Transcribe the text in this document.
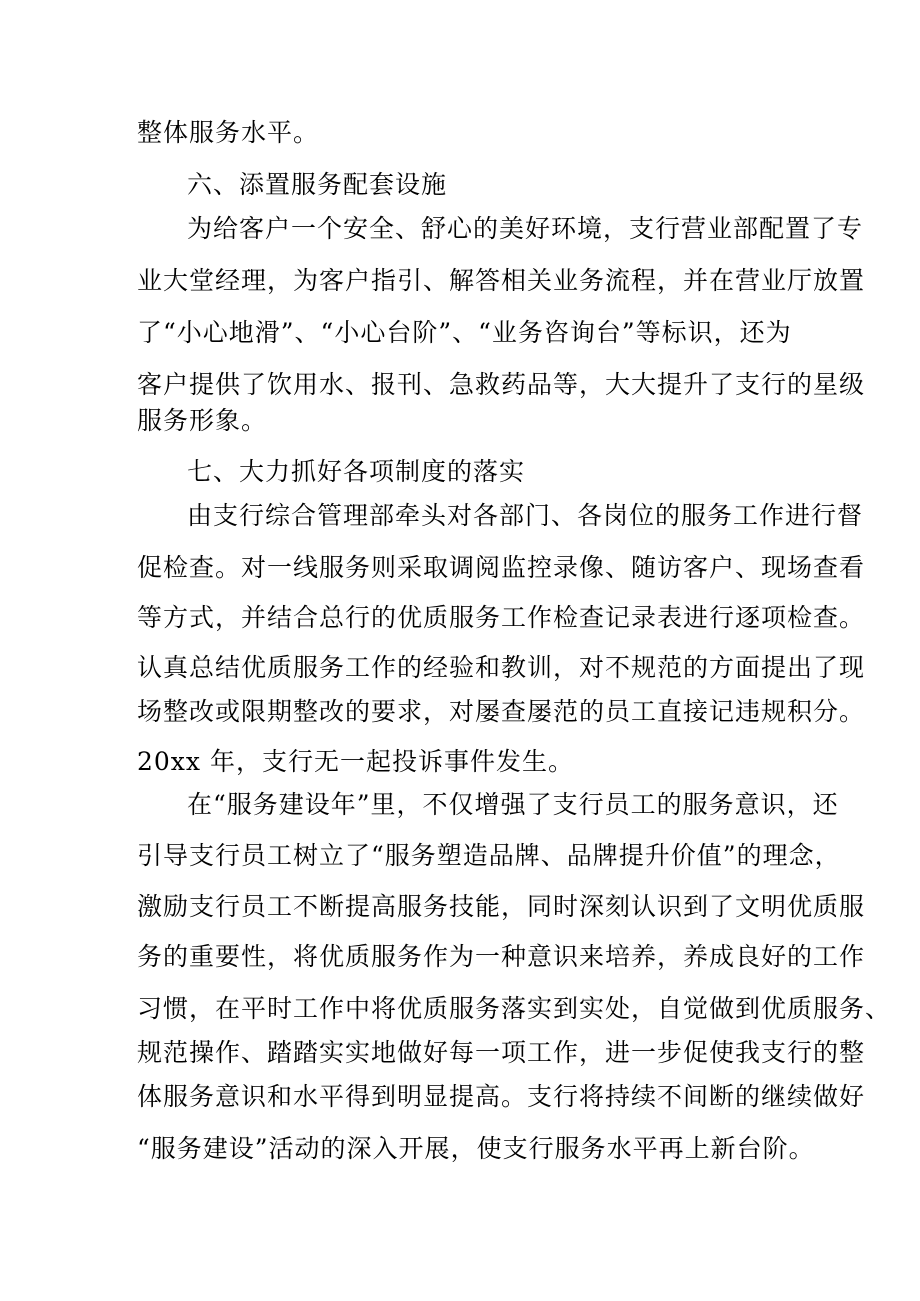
整体服务水平。
六、添置服务配套设施
为给客户一个安全、舒心的美好环境，支行营业部配置了专
业大堂经理，为客户指引、解答相关业务流程，并在营业厅放置
了“小心地滑”、“小心台阶”、“业务咨询台”等标识，还为
客户提供了饮用水、报刊、急救药品等，大大提升了支行的星级
服务形象。
七、大力抓好各项制度的落实
由支行综合管理部牵头对各部门、各岗位的服务工作进行督
促检查。对一线服务则采取调阅监控录像、随访客户、现场查看
等方式，并结合总行的优质服务工作检查记录表进行逐项检查。
认真总结优质服务工作的经验和教训，对不规范的方面提出了现
场整改或限期整改的要求，对屡查屡范的员工直接记违规积分。
20xx 年，支行无一起投诉事件发生。
在“服务建设年”里，不仅增强了支行员工的服务意识，还
引导支行员工树立了“服务塑造品牌、品牌提升价值”的理念，
激励支行员工不断提高服务技能，同时深刻认识到了文明优质服
务的重要性，将优质服务作为一种意识来培养，养成良好的工作
习惯，在平时工作中将优质服务落实到实处，自觉做到优质服务、
规范操作、踏踏实实地做好每一项工作，进一步促使我支行的整
体服务意识和水平得到明显提高。支行将持续不间断的继续做好
“服务建设”活动的深入开展，使支行服务水平再上新台阶。
